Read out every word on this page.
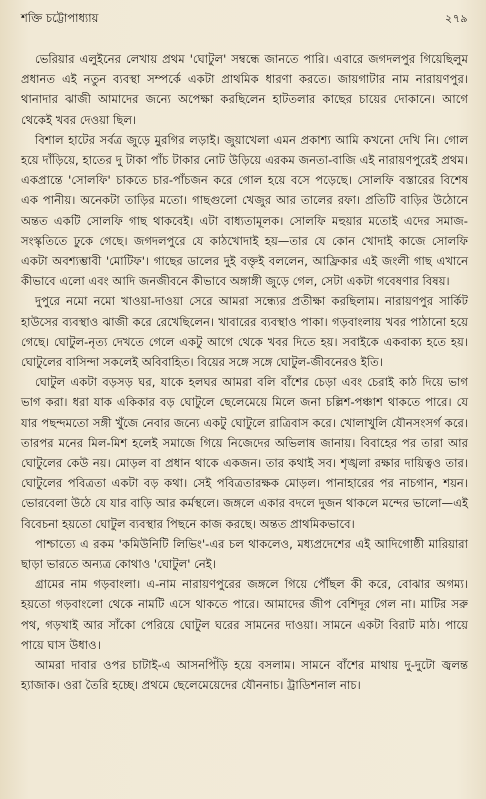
শক্তি চট্টোপাধ্যায়	২৭৯

ভেরিয়ার এলুইনের লেখায় প্রথম 'ঘোটুল' সম্বন্ধে জানতে পারি। এবারে জগদলপুর গিয়েছিলুম প্রধানত এই নতুন ব্যবস্থা সম্পর্কে একটা প্রাথমিক ধারণা করতে। জায়গাটার নাম নারায়ণপুর। থানাদার ঝাজী আমাদের জন্যে অপেক্ষা করছিলেন হাটতলার কাছের চায়ের দোকানে। আগে থেকেই খবর দেওয়া ছিল।

বিশাল হাটের সর্বত্র জুড়ে মুরগির লড়াই। জুয়াখেলা এমন প্রকাশ্য আমি কখনো দেখি নি। গোল হয়ে দাঁড়িয়ে, হাতের দু টাকা পাঁচ টাকার নোট উড়িয়ে এরকম জনতা-বাজি এই নারায়ণপুরেই প্রথম। একপ্রান্তে 'সোলফি' চাকতে চার-পাঁচজন করে গোল হয়ে বসে পড়েছে। সোলফি বস্তারের বিশেষ এক পানীয়। অনেকটা তাড়ির মতো। গাছগুলো খেজুর আর তালের রফা। প্রতিটি বাড়ির উঠোনে অন্তত একটি সোলফি গাছ থাকবেই। এটা বাধ্যতামূলক। সোলফি মহুয়ার মতোই এদের সমাজ-সংস্কৃতিতে ঢুকে গেছে। জগদলপুরে যে কাঠখোদাই হয়—তার যে কোন খোদাই কাজে সোলফি একটা অবশ্যম্ভাবী 'মোটিফ'। গাছের ডালের দুই বক্তৃই বললেন, আফ্রিকার এই জংলী গাছ এখানে কীভাবে এলো এবং আদি জনজীবনে কীভাবে অঙ্গাঙ্গী জুড়ে গেল, সেটা একটা গবেষণার বিষয়।

দুপুরে নমো নমো খাওয়া-দাওয়া সেরে আমরা সন্ধ্যের প্রতীক্ষা করছিলাম। নারায়ণপুর সার্কিট হাউসের ব্যবস্থাও ঝাজী করে রেখেছিলেন। খাবারের ব্যবস্থাও পাকা। গড়বাংলায় খবর পাঠানো হয়ে গেছে। ঘোটুল-নৃত্য দেখতে গেলে একটু আগে থেকে খবর দিতে হয়। সবাইকে একবাক্য হতে হয়। ঘোটুলের বাসিন্দা সকলেই অবিবাহিত। বিয়ের সঙ্গে সঙ্গে ঘোটুল-জীবনেরও ইতি।

ঘোটুল একটা বড়সড় ঘর, যাকে হলঘর আমরা বলি বাঁশের চেড়া এবং চেরাই কাঠ দিয়ে ভাগ ভাগ করা। ধরা যাক একিকার বড় ঘোটুলে ছেলেমেয়ে মিলে জনা চল্লিশ-পঞ্চাশ থাকতে পারে। যে যার পছন্দমতো সঙ্গী খুঁজে নেবার জন্যে একটু ঘোটুলে রাত্রিবাস করে। খোলাখুলি যৌনসংসর্গ করে। তারপর মনের মিল-মিশ হলেই সমাজে গিয়ে নিজেদের অভিলাষ জানায়। বিবাহের পর তারা আর ঘোটুলের কেউ নয়। মোড়ল বা প্রধান থাকে একজন। তার কথাই সব। শৃঙ্খলা রক্ষার দায়িত্বও তার। ঘোটুলের পবিত্রতা একটা বড় কথা। সেই পবিত্রতারক্ষক মোড়ল। পানাহারের পর নাচগান, শয়ন। ভোরবেলা উঠে যে যার বাড়ি আর কর্মস্থলে। জঙ্গলে একার বদলে দুজন থাকলে মন্দের ভালো—এই বিবেচনা হয়তো ঘোটুল ব্যবস্থার পিছনে কাজ করছে। অন্তত প্রাথমিকভাবে।

পাশ্চাত্যে এ রকম 'কমিউনিটি লিভিং'-এর চল থাকলেও, মধ্যপ্রদেশের এই আদিগোষ্ঠী মারিয়ারা ছাড়া ভারতে অন্যত্র কোথাও 'ঘোটুল' নেই।

গ্রামের নাম গড়বাংলা। এ-নাম নারায়ণপুরের জঙ্গলে গিয়ে পৌঁছল কী করে, বোঝার অগম্য। হয়তো গড়বাংলো থেকে নামটি এসে থাকতে পারে। আমাদের জীপ বেশিদূর গেল না। মাটির সরু পথ, গড়খাই আর সাঁকো পেরিয়ে ঘোটুল ঘরের সামনের দাওয়া। সামনে একটা বিরাট মাঠ। পায়ে পায়ে ঘাস উধাও।

আমরা দাবার ওপর চাটাই-এ আসনপিঁড়ি হয়ে বসলাম। সামনে বাঁশের মাথায় দু-দুটো জ্বলন্ত হ্যাজাক। ওরা তৈরি হচ্ছে। প্রথমে ছেলেমেয়েদের যৌননাচ। ট্রাডিশনাল নাচ।
